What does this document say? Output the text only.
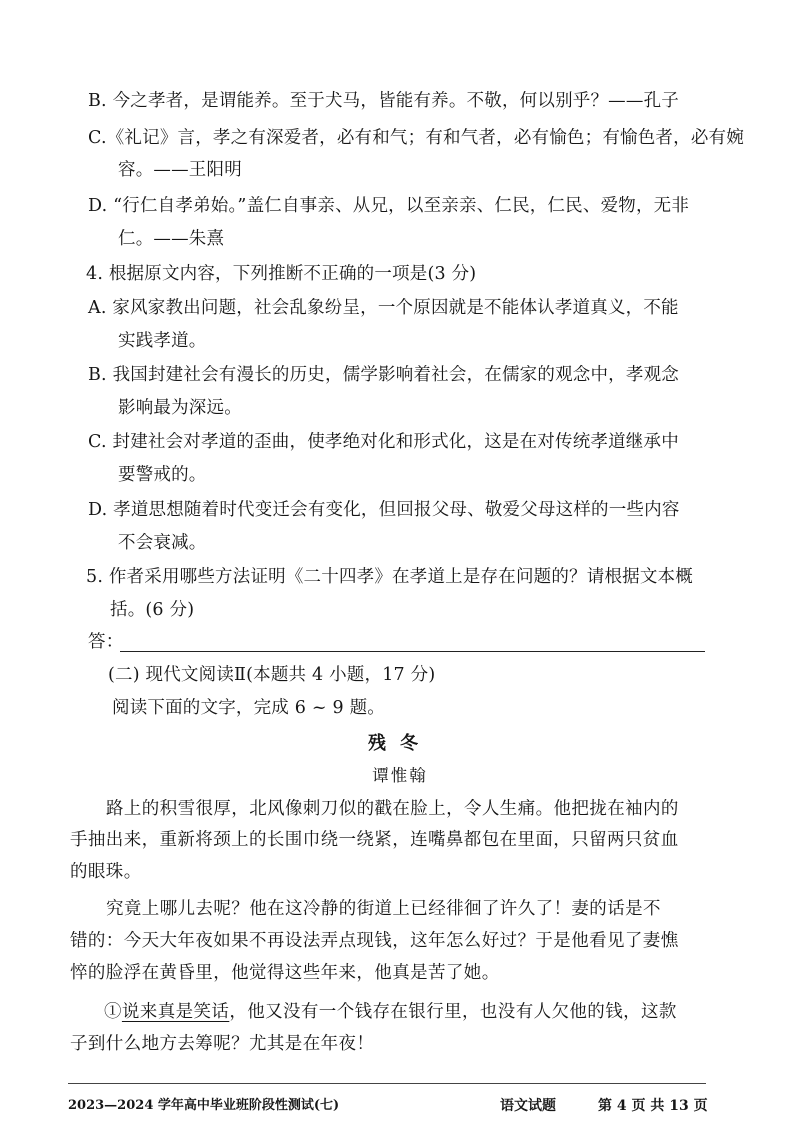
B. 今之孝者，是谓能养。至于犬马，皆能有养。不敬，何以别乎？——孔子
C.《礼记》言，孝之有深爱者，必有和气；有和气者，必有愉色；有愉色者，必有婉
容。——王阳明
D. “行仁自孝弟始。”盖仁自事亲、从兄，以至亲亲、仁民，仁民、爱物，无非
仁。——朱熹
4. 根据原文内容，下列推断不正确的一项是(3 分)
A. 家风家教出问题，社会乱象纷呈，一个原因就是不能体认孝道真义，不能
实践孝道。
B. 我国封建社会有漫长的历史，儒学影响着社会，在儒家的观念中，孝观念
影响最为深远。
C. 封建社会对孝道的歪曲，使孝绝对化和形式化，这是在对传统孝道继承中
要警戒的。
D. 孝道思想随着时代变迁会有变化，但回报父母、敬爱父母这样的一些内容
不会衰减。
5. 作者采用哪些方法证明《二十四孝》在孝道上是存在问题的？请根据文本概
括。(6 分)
答：
(二) 现代文阅读Ⅱ(本题共 4 小题，17 分)
阅读下面的文字，完成 6 ~ 9 题。
残冬
谭惟翰
路上的积雪很厚，北风像刺刀似的戳在脸上，令人生痛。他把拢在袖内的
手抽出来，重新将颈上的长围巾绕一绕紧，连嘴鼻都包在里面，只留两只贫血
的眼珠。
究竟上哪儿去呢？他在这冷静的街道上已经徘徊了许久了！妻的话是不
错的：今天大年夜如果不再设法弄点现钱，这年怎么好过？于是他看见了妻憔
悴的脸浮在黄昏里，他觉得这些年来，他真是苦了她。
①说来真是笑话，他又没有一个钱存在银行里，也没有人欠他的钱，这款
子到什么地方去筹呢？尤其是在年夜！
2023—2024 学年高中毕业班阶段性测试(七)	语文试题	第 4 页 共 13 页
